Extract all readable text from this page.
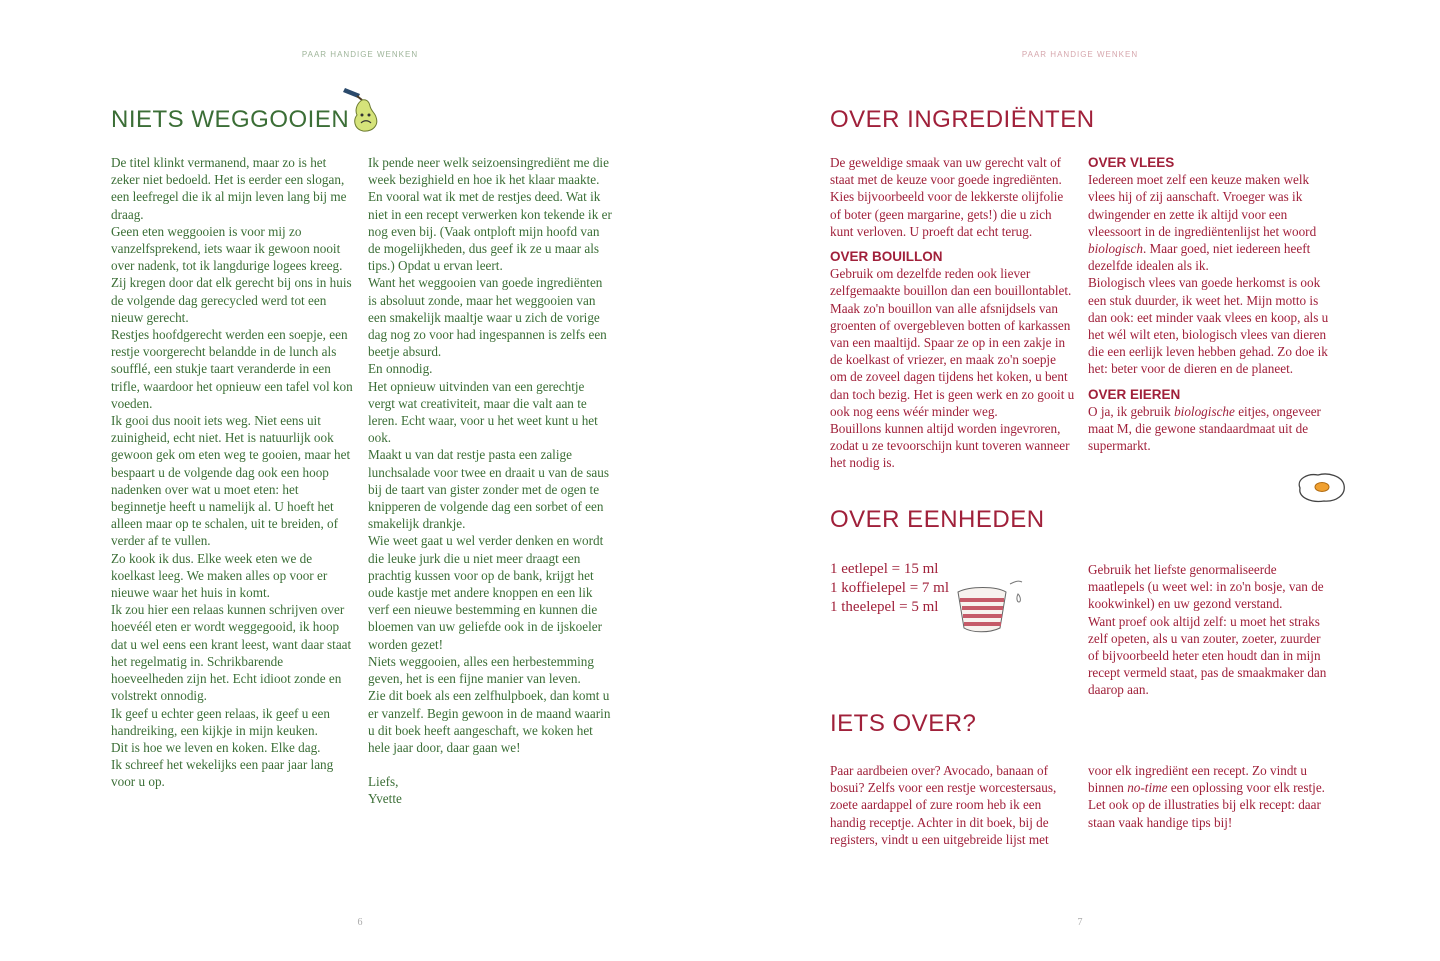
PAAR HANDIGE WENKEN
NIETS WEGGOOIEN

De titel klinkt vermanend, maar zo is het zeker niet bedoeld. Het is eerder een slogan, een leefregel die ik al mijn leven lang bij me draag.

Geen eten weggooien is voor mij zo vanzelfsprekend, iets waar ik gewoon nooit over nadenk, tot ik langdurige logees kreeg.

Zij kregen door dat elk gerecht bij ons in huis de volgende dag gerecycled werd tot een nieuw gerecht.

Restjes hoofdgerecht werden een soepje, een restje voorgerecht belandde in de lunch als soufflé, een stukje taart veranderde in een trifle, waardoor het opnieuw een tafel vol kon voeden.

Ik gooi dus nooit iets weg. Niet eens uit zuinigheid, echt niet. Het is natuurlijk ook gewoon gek om eten weg te gooien, maar het bespaart u de volgende dag ook een hoop nadenken over wat u moet eten: het beginnetje heeft u namelijk al. U hoeft het alleen maar op te schalen, uit te breiden, of verder af te vullen.

Zo kook ik dus. Elke week eten we de koelkast leeg. We maken alles op voor er nieuwe waar het huis in komt.

Ik zou hier een relaas kunnen schrijven over hoevéél eten er wordt weggegooid, ik hoop dat u wel eens een krant leest, want daar staat het regelmatig in. Schrikbarende hoeveelheden zijn het. Echt idioot zonde en volstrekt onnodig.

Ik geef u echter geen relaas, ik geef u een handreiking, een kijkje in mijn keuken.

Dit is hoe we leven en koken. Elke dag.

Ik schreef het wekelijks een paar jaar lang voor u op.

Ik pende neer welk seizoensingrediënt me die week bezighield en hoe ik het klaar maakte. En vooral wat ik met de restjes deed. Wat ik niet in een recept verwerken kon tekende ik er nog even bij. (Vaak ontploft mijn hoofd van de mogelijkheden, dus geef ik ze u maar als tips.) Opdat u ervan leert.

Want het weggooien van goede ingrediënten is absoluut zonde, maar het weggooien van een smakelijk maaltje waar u zich de vorige dag nog zo voor had ingespannen is zelfs een beetje absurd.

En onnodig.

Het opnieuw uitvinden van een gerechtje vergt wat creativiteit, maar die valt aan te leren. Echt waar, voor u het weet kunt u het ook.

Maakt u van dat restje pasta een zalige lunchsalade voor twee en draait u van de saus bij de taart van gister zonder met de ogen te knipperen de volgende dag een sorbet of een smakelijk drankje.

Wie weet gaat u wel verder denken en wordt die leuke jurk die u niet meer draagt een prachtig kussen voor op de bank, krijgt het oude kastje met andere knoppen en een lik verf een nieuwe bestemming en kunnen die bloemen van uw geliefde ook in de ijskoeler worden gezet!

Niets weggooien, alles een herbestemming geven, het is een fijne manier van leven.

Zie dit boek als een zelfhulpboek, dan komt u er vanzelf. Begin gewoon in de maand waarin u dit boek heeft aangeschaft, we koken het hele jaar door, daar gaan we!

Liefs,

Yvette

6
PAAR HANDIGE WENKEN
7
OVER INGREDIËNTEN

De geweldige smaak van uw gerecht valt of staat met de keuze voor goede ingrediënten. Kies bijvoorbeeld voor de lekkerste olijfolie of boter (geen margarine, gets!) die u zich kunt verloven. U proeft dat echt terug.

OVER BOUILLON

Gebruik om dezelfde reden ook liever zelfgemaakte bouillon dan een bouillontablet. Maak zo'n bouillon van alle afsnijdsels van groenten of overgebleven botten of karkassen van een maaltijd. Spaar ze op in een zakje in de koelkast of vriezer, en maak zo'n soepje om de zoveel dagen tijdens het koken, u bent dan toch bezig. Het is geen werk en zo gooit u ook nog eens wéér minder weg.

Bouillons kunnen altijd worden ingevroren, zodat u ze tevoorschijn kunt toveren wanneer het nodig is.

OVER VLEES

Iedereen moet zelf een keuze maken welk vlees hij of zij aanschaft. Vroeger was ik dwingender en zette ik altijd voor een vleessoort in de ingrediëntenlijst het woord biologisch. Maar goed, niet iedereen heeft dezelfde idealen als ik.

Biologisch vlees van goede herkomst is ook een stuk duurder, ik weet het. Mijn motto is dan ook: eet minder vaak vlees en koop, als u het wél wilt eten, biologisch vlees van dieren die een eerlijk leven hebben gehad. Zo doe ik het: beter voor de dieren en de planeet.

OVER EIEREN

O ja, ik gebruik biologische eitjes, ongeveer maat M, die gewone standaardmaat uit de supermarkt.

OVER EENHEDEN
1 eetlepel = 15 ml
1 koffielepel = 7 ml
1 theelepel = 5 ml

Gebruik het liefste genormaliseerde maatlepels (u weet wel: in zo'n bosje, van de kookwinkel) en uw gezond verstand.

Want proef ook altijd zelf: u moet het straks zelf opeten, als u van zouter, zoeter, zuurder of bijvoorbeeld heter eten houdt dan in mijn recept vermeld staat, pas de smaakmaker dan daarop aan.

IETS OVER?

Paar aardbeien over? Avocado, banaan of bosui? Zelfs voor een restje worcestersaus, zoete aardappel of zure room heb ik een handig receptje. Achter in dit boek, bij de registers, vindt u een uitgebreide lijst met

voor elk ingrediënt een recept. Zo vindt u binnen no-time een oplossing voor elk restje. Let ook op de illustraties bij elk recept: daar staan vaak handige tips bij!
